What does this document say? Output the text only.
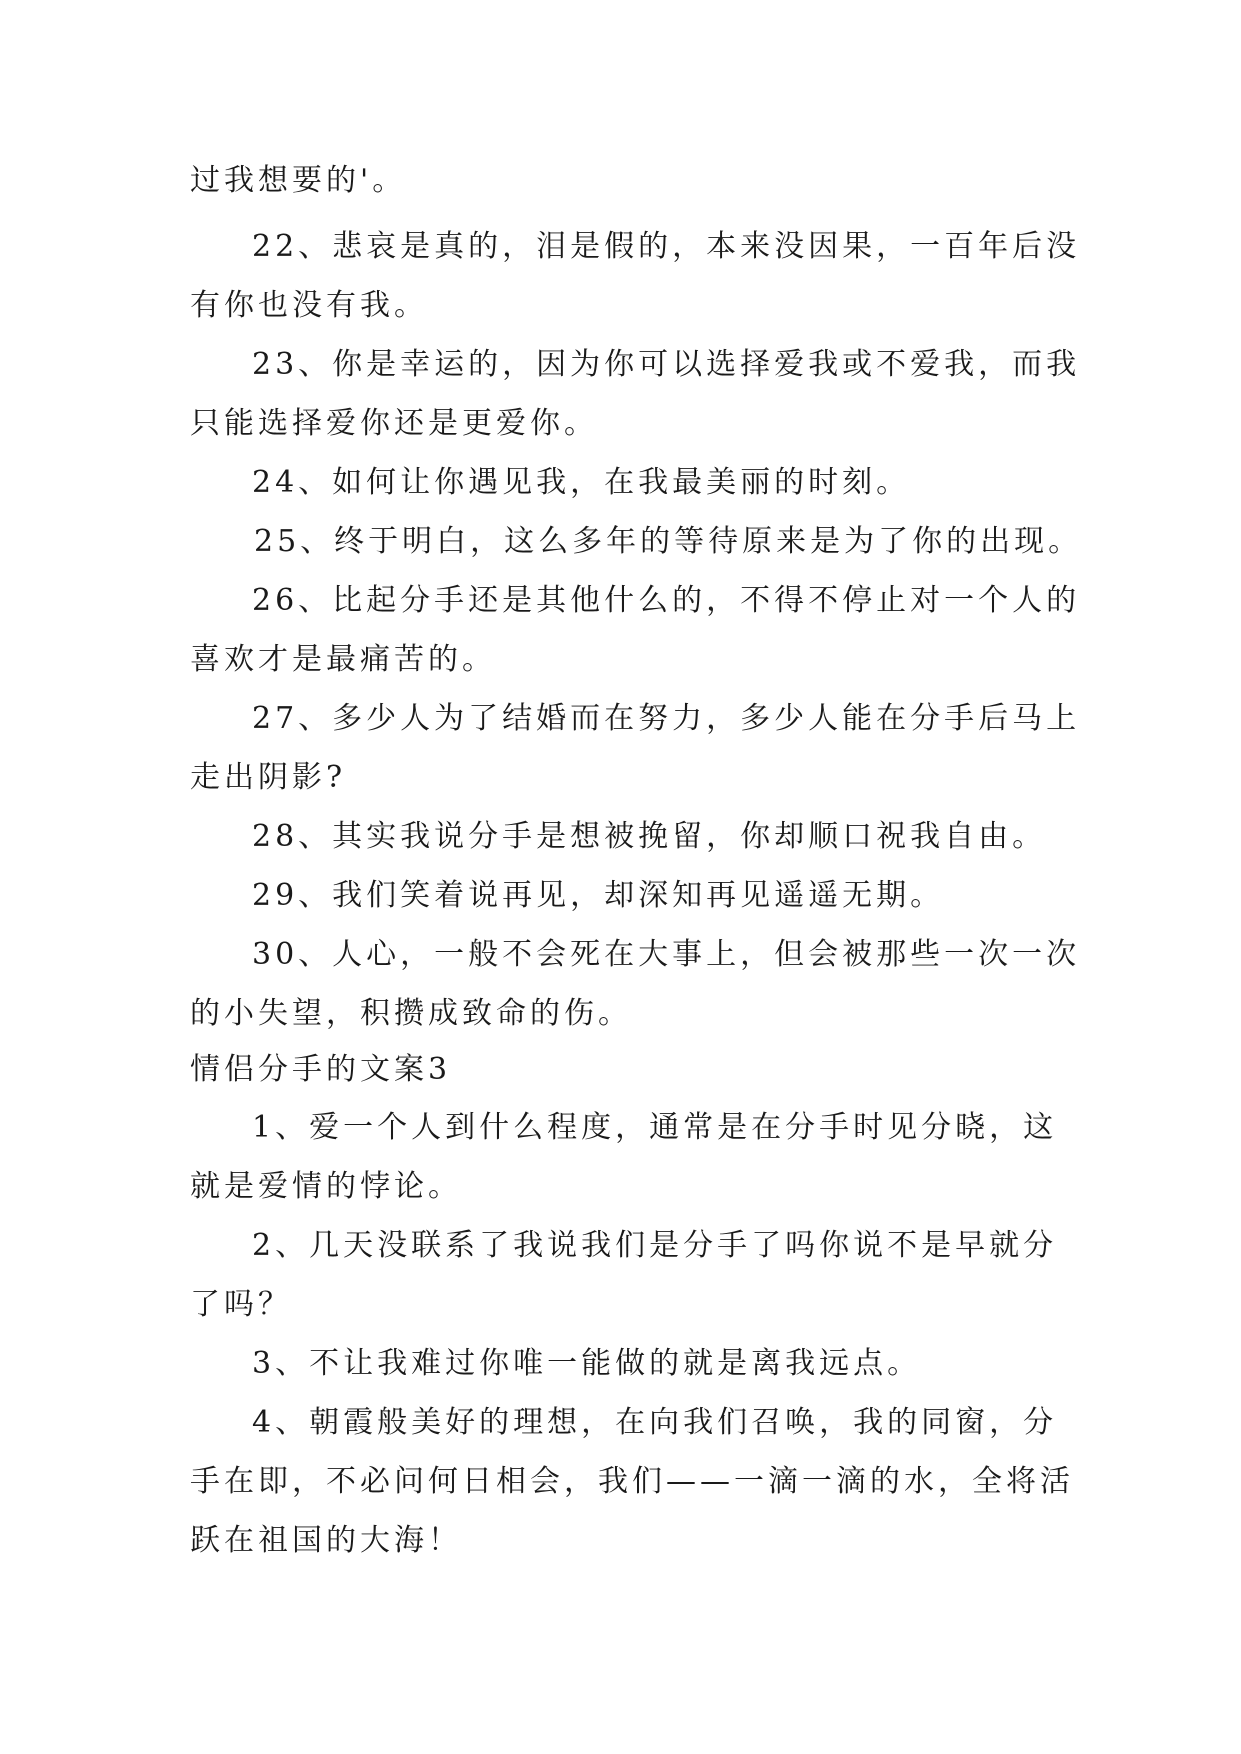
过我想要的'。
22、悲哀是真的，泪是假的，本来没因果，一百年后没
有你也没有我。
23、你是幸运的，因为你可以选择爱我或不爱我，而我
只能选择爱你还是更爱你。
24、如何让你遇见我，在我最美丽的时刻。
25、终于明白，这么多年的等待原来是为了你的出现。
26、比起分手还是其他什么的，不得不停止对一个人的
喜欢才是最痛苦的。
27、多少人为了结婚而在努力，多少人能在分手后马上
走出阴影?
28、其实我说分手是想被挽留，你却顺口祝我自由。
29、我们笑着说再见，却深知再见遥遥无期。
30、人心，一般不会死在大事上，但会被那些一次一次
的小失望，积攒成致命的伤。
情侣分手的文案3
1、爱一个人到什么程度，通常是在分手时见分晓，这
就是爱情的悖论。
2、几天没联系了我说我们是分手了吗你说不是早就分
了吗？
3、不让我难过你唯一能做的就是离我远点。
4、朝霞般美好的理想，在向我们召唤，我的同窗，分
手在即，不必问何日相会，我们——一滴一滴的水，全将活
跃在祖国的大海！
